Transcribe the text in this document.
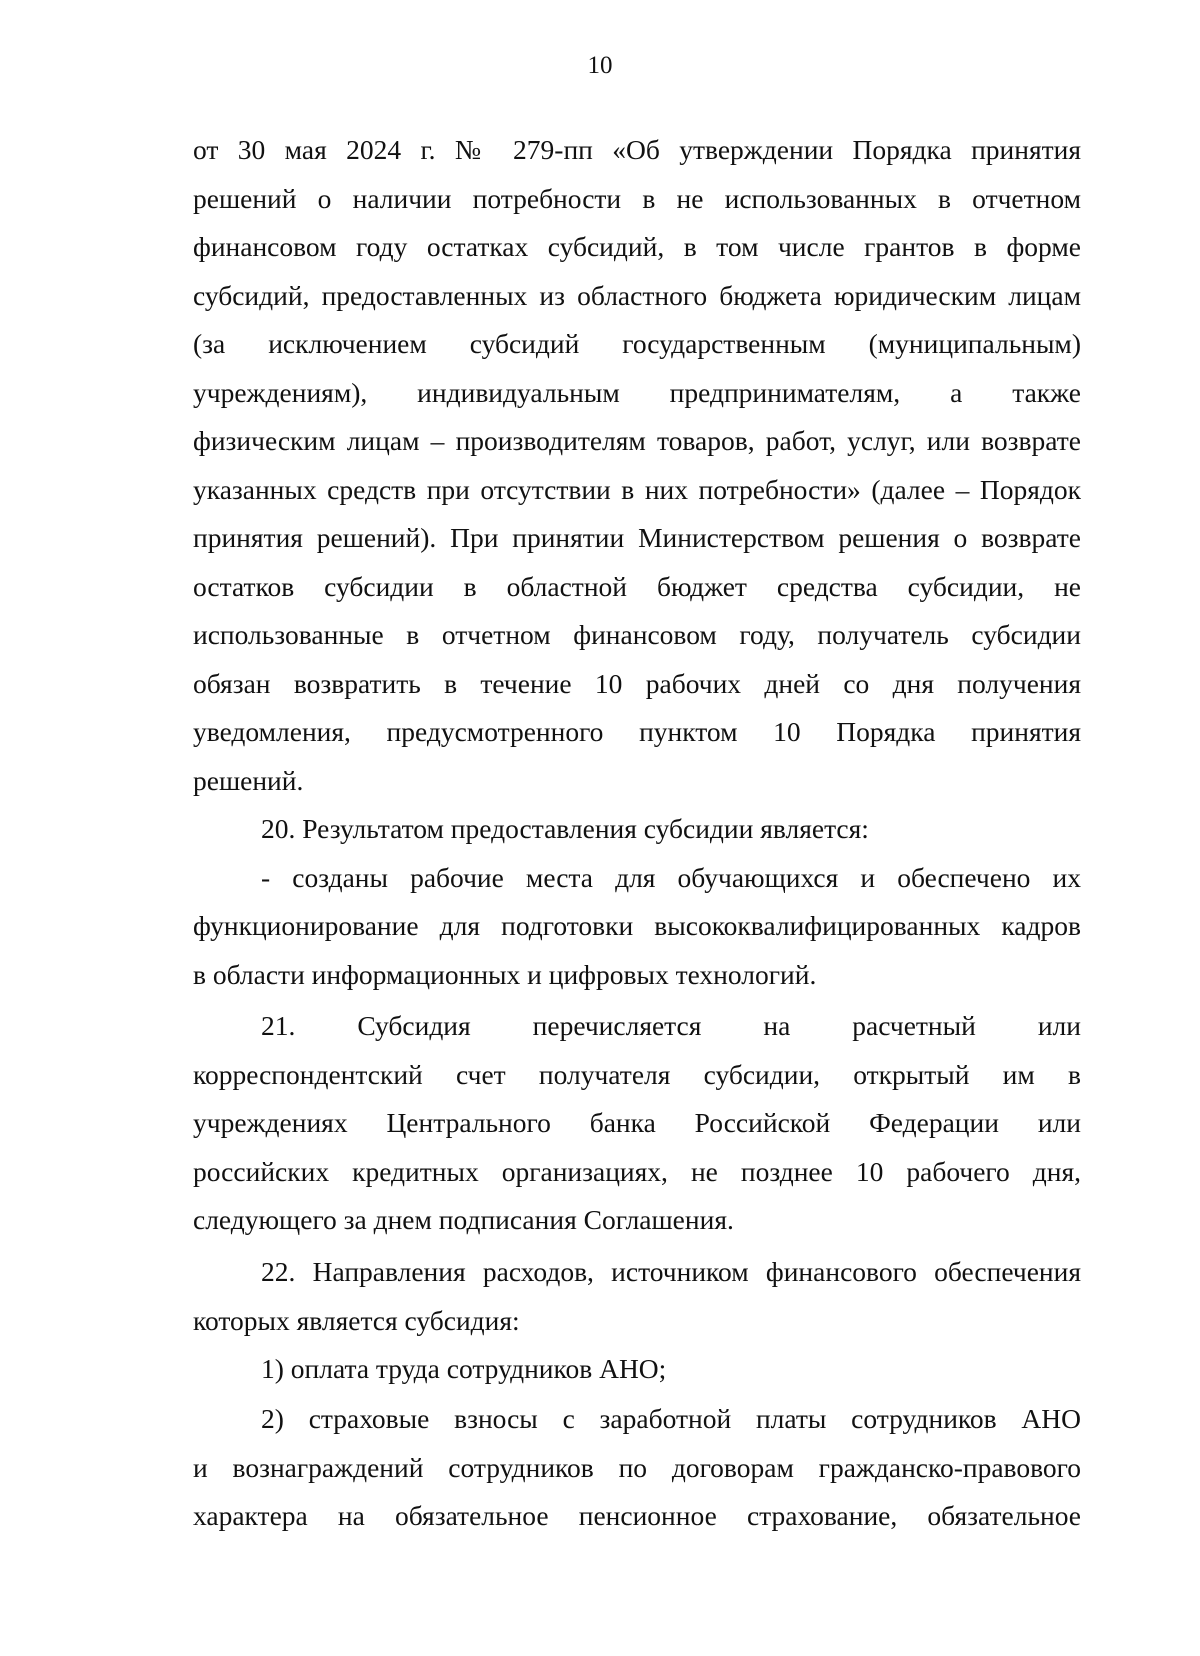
10
от 30 мая 2024 г. № 279-пп «Об утверждении Порядка принятия
решений о наличии потребности в не использованных в отчетном
финансовом году остатках субсидий, в том числе грантов в форме
субсидий, предоставленных из областного бюджета юридическим лицам
(за исключением субсидий государственным (муниципальным)
учреждениям), индивидуальным предпринимателям, а также
физическим лицам – производителям товаров, работ, услуг, или возврате
указанных средств при отсутствии в них потребности» (далее – Порядок
принятия решений). При принятии Министерством решения о возврате
остатков субсидии в областной бюджет средства субсидии, не
использованные в отчетном финансовом году, получатель субсидии
обязан возвратить в течение 10 рабочих дней со дня получения
уведомления, предусмотренного пунктом 10 Порядка принятия
решений.
20. Результатом предоставления субсидии является:
- созданы рабочие места для обучающихся и обеспечено их
функционирование для подготовки высококвалифицированных кадров
в области информационных и цифровых технологий.
21. Субсидия перечисляется на расчетный или
корреспондентский счет получателя субсидии, открытый им в
учреждениях Центрального банка Российской Федерации или
российских кредитных организациях, не позднее 10 рабочего дня,
следующего за днем подписания Соглашения.
22. Направления расходов, источником финансового обеспечения
которых является субсидия:
1) оплата труда сотрудников АНО;
2) страховые взносы с заработной платы сотрудников АНО
и вознаграждений сотрудников по договорам гражданско-правового
характера на обязательное пенсионное страхование, обязательное
